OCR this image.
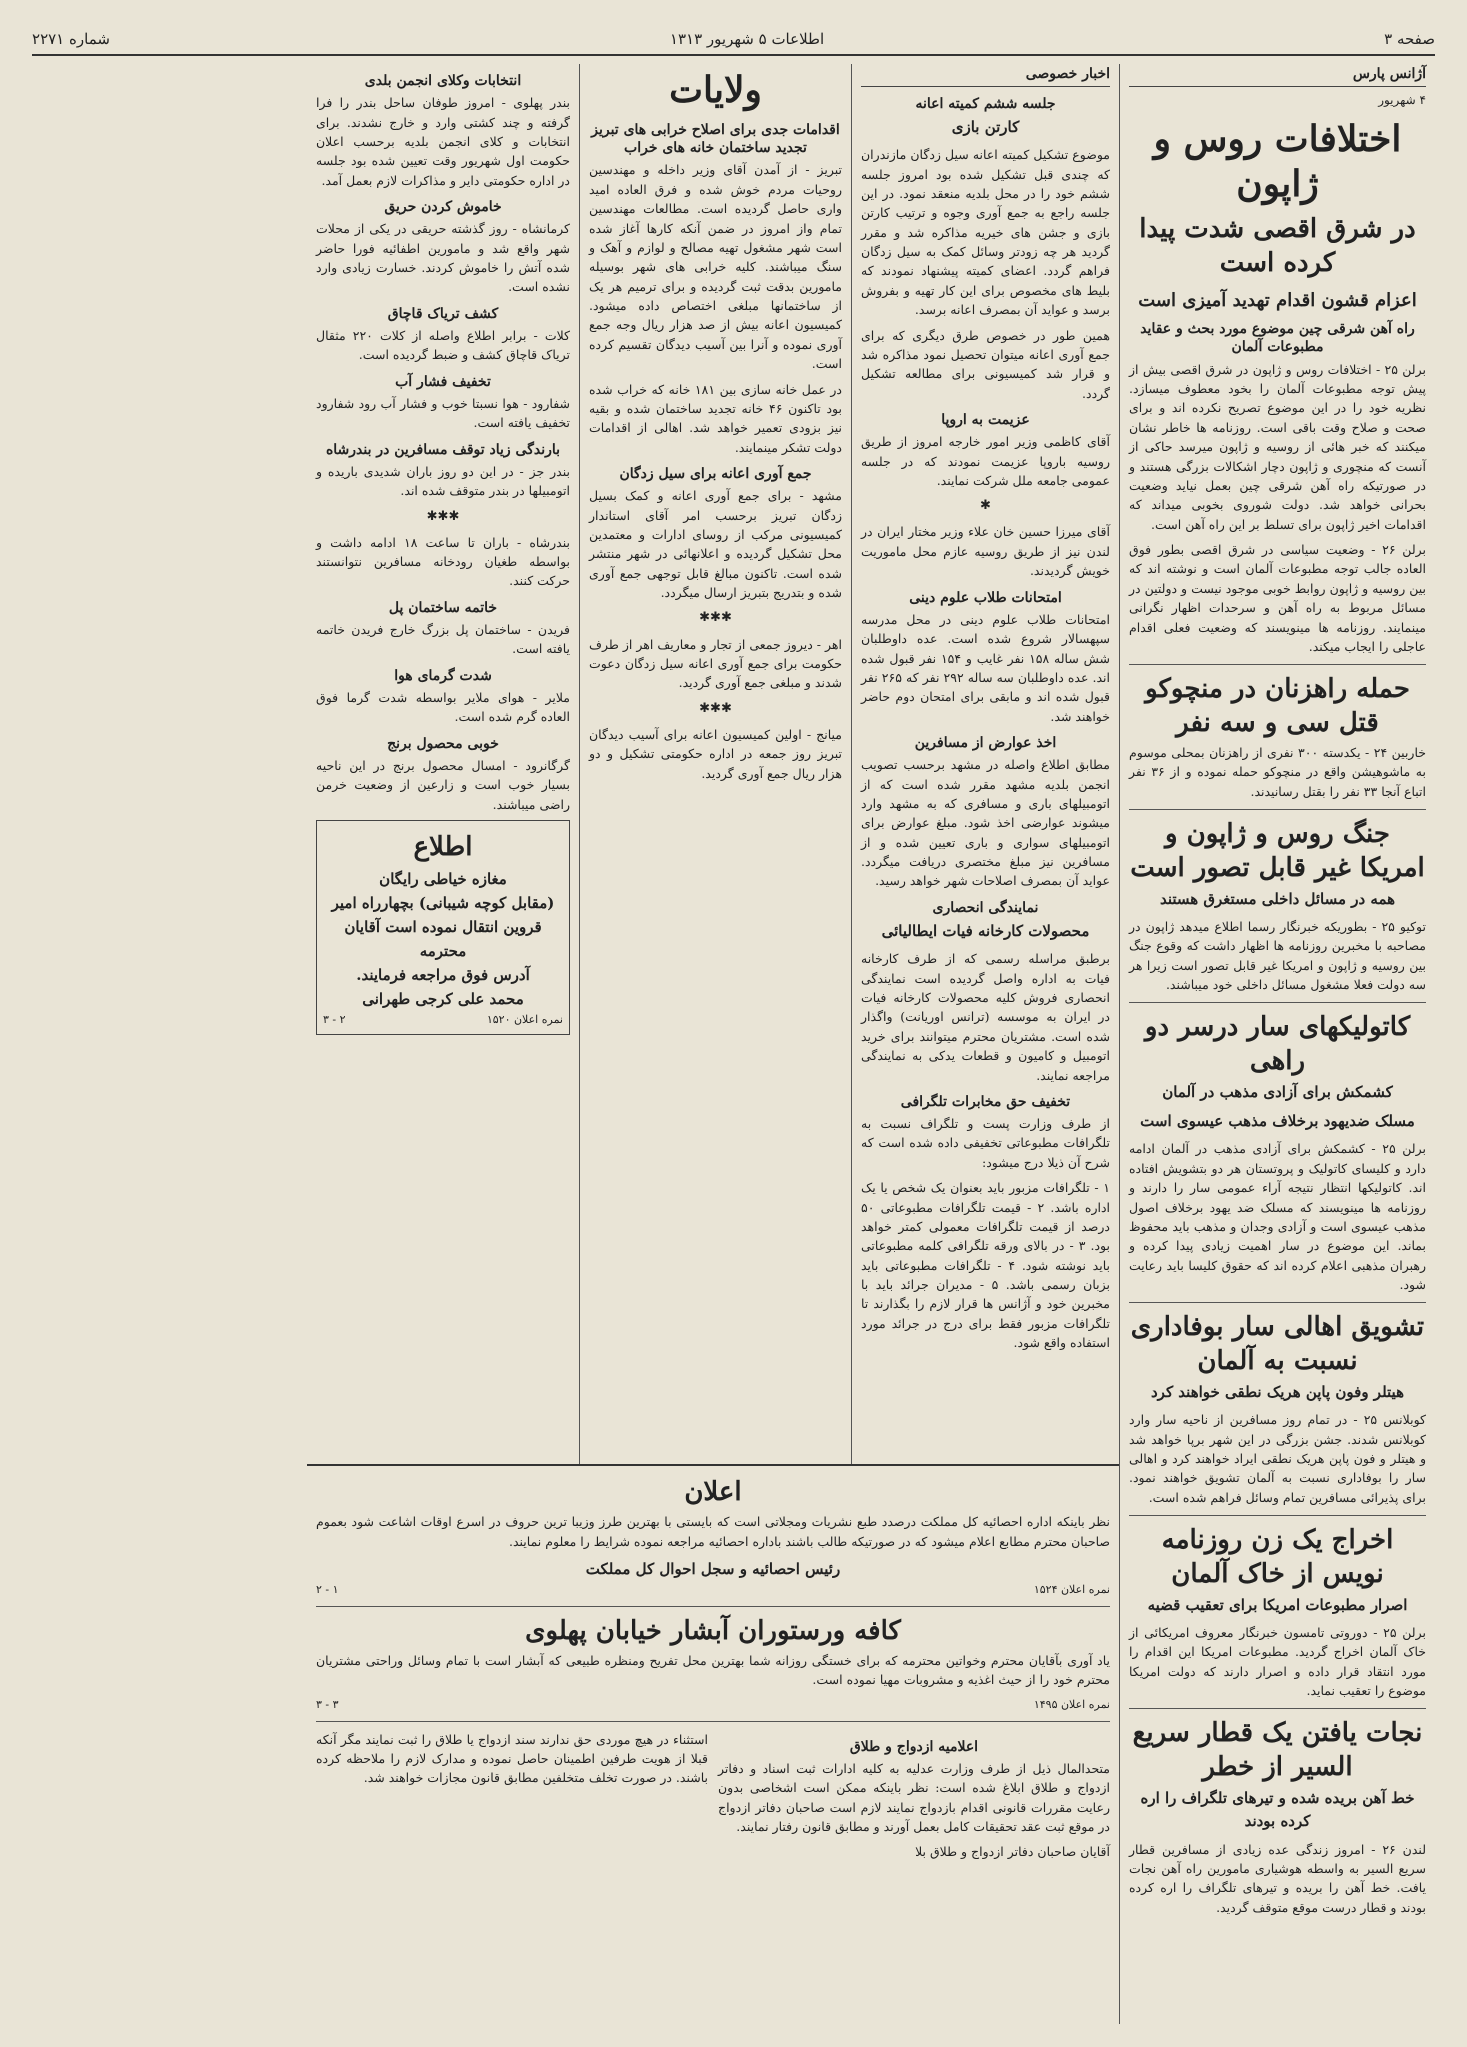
صفحه ۳
اطلاعات ۵ شهریور ۱۳۱۳
شماره ۲۲۷۱
آژانس پارس
۴ شهریور
اختلافات روس و ژاپون
در شرق اقصی شدت پیدا کرده است
اعزام قشون اقدام تهدید آمیزی است
راه آهن شرقی چین موضوع مورد بحث و عقاید مطبوعات آلمان

برلن ۲۵ - اختلافات روس و ژاپون در شرق اقصی بیش از پیش توجه مطبوعات آلمان را بخود معطوف میسازد. نظریه خود را در این موضوع تصریح نکرده اند و برای صحت و صلاح وقت باقی است. روزنامه ها خاطر نشان میکنند که خبر هائی از روسیه و ژاپون میرسد حاکی از آنست که منچوری و ژاپون دچار اشکالات بزرگی هستند و در صورتیکه راه آهن شرقی چین بعمل نیاید وضعیت بحرانی خواهد شد. دولت شوروی بخوبی میداند که اقدامات اخیر ژاپون برای تسلط بر این راه آهن است.

برلن ۲۶ - وضعیت سیاسی در شرق اقصی بطور فوق العاده جالب توجه مطبوعات آلمان است و نوشته اند که بین روسیه و ژاپون روابط خوبی موجود نیست و دولتین در مسائل مربوط به راه آهن و سرحدات اظهار نگرانی مینمایند. روزنامه ها مینویسند که وضعیت فعلی اقدام عاجلی را ایجاب میکند.

حمله راهزنان در منچوکو قتل سی و سه نفر

خاربین ۲۴ - یکدسته ۳۰۰ نفری از راهزنان بمحلی موسوم به ماشوهیشن واقع در منچوکو حمله نموده و از ۳۶ نفر اتباع آنجا ۳۳ نفر را بقتل رسانیدند.

جنگ روس و ژاپون و امریکا غیر قابل تصور است
همه در مسائل داخلی مستغرق هستند

توکیو ۲۵ - بطوریکه خبرنگار رسما اطلاع میدهد ژاپون در مصاحبه با مخبرین روزنامه ها اظهار داشت که وقوع جنگ بین روسیه و ژاپون و امریکا غیر قابل تصور است زیرا هر سه دولت فعلا مشغول مسائل داخلی خود میباشند.

کاتولیکهای سار درسر دو راهی
کشمکش برای آزادی مذهب در آلمان
مسلک ضدیهود برخلاف مذهب عیسوی است

برلن ۲۵ - کشمکش برای آزادی مذهب در آلمان ادامه دارد و کلیسای کاتولیک و پروتستان هر دو بتشویش افتاده اند. کاتولیکها انتظار نتیجه آراء عمومی سار را دارند و روزنامه ها مینویسند که مسلک ضد یهود برخلاف اصول مذهب عیسوی است و آزادی وجدان و مذهب باید محفوظ بماند. این موضوع در سار اهمیت زیادی پیدا کرده و رهبران مذهبی اعلام کرده اند که حقوق کلیسا باید رعایت شود.

تشویق اهالی سار بوفاداری نسبت به آلمان
هیتلر وفون پاپن هریک نطقی خواهند کرد

کوبلانس ۲۵ - در تمام روز مسافرین از ناحیه سار وارد کوبلانس شدند. جشن بزرگی در این شهر برپا خواهد شد و هیتلر و فون پاپن هریک نطقی ایراد خواهند کرد و اهالی سار را بوفاداری نسبت به آلمان تشویق خواهند نمود. برای پذیرائی مسافرین تمام وسائل فراهم شده است.

اخراج یک زن روزنامه نویس از خاک آلمان
اصرار مطبوعات امریکا برای تعقیب قضیه

برلن ۲۵ - دوروتی تامسون خبرنگار معروف امریکائی از خاک آلمان اخراج گردید. مطبوعات امریکا این اقدام را مورد انتقاد قرار داده و اصرار دارند که دولت امریکا موضوع را تعقیب نماید.

نجات یافتن یک قطار سریع السیر از خطر
خط آهن بریده شده و تیرهای تلگراف را اره کرده بودند

لندن ۲۶ - امروز زندگی عده زیادی از مسافرین قطار سریع السیر به واسطه هوشیاری مامورین راه آهن نجات یافت. خط آهن را بریده و تیرهای تلگراف را اره کرده بودند و قطار درست موقع متوقف گردید.

اخبار خصوصی
جلسه ششم کمیته اعانه
کارتن بازی

موضوع تشکیل کمیته اعانه سیل زدگان مازندران که چندی قبل تشکیل شده بود امروز جلسه ششم خود را در محل بلدیه منعقد نمود. در این جلسه راجع به جمع آوری وجوه و ترتیب کارتن بازی و جشن های خیریه مذاکره شد و مقرر گردید هر چه زودتر وسائل کمک به سیل زدگان فراهم گردد. اعضای کمیته پیشنهاد نمودند که بلیط های مخصوص برای این کار تهیه و بفروش برسد و عواید آن بمصرف اعانه برسد.

همین طور در خصوص طرق دیگری که برای جمع آوری اعانه میتوان تحصیل نمود مذاکره شد و قرار شد کمیسیونی برای مطالعه تشکیل گردد.

عزیمت به اروپا

آقای کاظمی وزیر امور خارجه امروز از طریق روسیه باروپا عزیمت نمودند که در جلسه عمومی جامعه ملل شرکت نمایند.

✱

آقای میرزا حسین خان علاء وزیر مختار ایران در لندن نیز از طریق روسیه عازم محل ماموریت خویش گردیدند.

امتحانات طلاب علوم دینی

امتحانات طلاب علوم دینی در محل مدرسه سپهسالار شروع شده است. عده داوطلبان شش ساله ۱۵۸ نفر غایب و ۱۵۴ نفر قبول شده اند. عده داوطلبان سه ساله ۲۹۲ نفر که ۲۶۵ نفر قبول شده اند و مابقی برای امتحان دوم حاضر خواهند شد.

اخذ عوارض از مسافرین

مطابق اطلاع واصله در مشهد برحسب تصویب انجمن بلدیه مشهد مقرر شده است که از اتومبیلهای باری و مسافری که به مشهد وارد میشوند عوارضی اخذ شود. مبلغ عوارض برای اتومبیلهای سواری و باری تعیین شده و از مسافرین نیز مبلغ مختصری دریافت میگردد. عواید آن بمصرف اصلاحات شهر خواهد رسید.

نمایندگی انحصاری
محصولات کارخانه فیات ایطالیائی

برطبق مراسله رسمی که از طرف کارخانه فیات به اداره واصل گردیده است نمایندگی انحصاری فروش کلیه محصولات کارخانه فیات در ایران به موسسه (ترانس اوریانت) واگذار شده است. مشتریان محترم میتوانند برای خرید اتومبیل و کامیون و قطعات یدکی به نمایندگی مراجعه نمایند.

تخفیف حق مخابرات تلگرافی

از طرف وزارت پست و تلگراف نسبت به تلگرافات مطبوعاتی تخفیفی داده شده است که شرح آن ذیلا درج میشود:

۱ - تلگرافات مزبور باید بعنوان یک شخص یا یک اداره باشد. ۲ - قیمت تلگرافات مطبوعاتی ۵۰ درصد از قیمت تلگرافات معمولی کمتر خواهد بود. ۳ - در بالای ورقه تلگرافی کلمه مطبوعاتی باید نوشته شود. ۴ - تلگرافات مطبوعاتی باید بزبان رسمی باشد. ۵ - مدیران جرائد باید با مخبرین خود و آژانس ها قرار لازم را بگذارند تا تلگرافات مزبور فقط برای درج در جرائد مورد استفاده واقع شود.

ولایات
اقدامات جدی برای اصلاح خرابی های تبریز تجدید ساختمان خانه های خراب

تبریز - از آمدن آقای وزیر داخله و مهندسین روحیات مردم خوش شده و فرق العاده امید واری حاصل گردیده است. مطالعات مهندسین تمام واز امروز در ضمن آنکه کارها آغاز شده است شهر مشغول تهیه مصالح و لوازم و آهک و سنگ میباشند. کلیه خرابی های شهر بوسیله مامورین بدقت ثبت گردیده و برای ترمیم هر یک از ساختمانها مبلغی اختصاص داده میشود. کمیسیون اعانه بیش از صد هزار ریال وجه جمع آوری نموده و آنرا بین آسیب دیدگان تقسیم کرده است.

در عمل خانه سازی بین ۱۸۱ خانه که خراب شده بود تاکنون ۴۶ خانه تجدید ساختمان شده و بقیه نیز بزودی تعمیر خواهد شد. اهالی از اقدامات دولت تشکر مینمایند.

جمع آوری اعانه برای سیل زدگان

مشهد - برای جمع آوری اعانه و کمک بسیل زدگان تبریز برحسب امر آقای استاندار کمیسیونی مرکب از روسای ادارات و معتمدین محل تشکیل گردیده و اعلانهائی در شهر منتشر شده است. تاکنون مبالغ قابل توجهی جمع آوری شده و بتدریج بتبریز ارسال میگردد.

✱✱✱

اهر - دیروز جمعی از تجار و معاریف اهر از طرف حکومت برای جمع آوری اعانه سیل زدگان دعوت شدند و مبلغی جمع آوری گردید.

✱✱✱

میانج - اولین کمیسیون اعانه برای آسیب دیدگان تبریز روز جمعه در اداره حکومتی تشکیل و دو هزار ریال جمع آوری گردید.

انتخابات وکلای انجمن بلدی

بندر پهلوی - امروز طوفان ساحل بندر را فرا گرفته و چند کشتی وارد و خارج نشدند. برای انتخابات و کلای انجمن بلدیه برحسب اعلان حکومت اول شهریور وقت تعیین شده بود جلسه در اداره حکومتی دایر و مذاکرات لازم بعمل آمد.

خاموش کردن حریق

کرمانشاه - روز گذشته حریقی در یکی از محلات شهر واقع شد و مامورین اطفائیه فورا حاضر شده آتش را خاموش کردند. خسارت زیادی وارد نشده است.

کشف تریاک قاچاق

کلات - برابر اطلاع واصله از کلات ۲۲۰ مثقال تریاک قاچاق کشف و ضبط گردیده است.

تخفیف فشار آب

شفارود - هوا نسبتا خوب و فشار آب رود شفارود تخفیف یافته است.

بارندگی زیاد توقف مسافرین در بندرشاه

بندر جز - در این دو روز باران شدیدی باریده و اتومبیلها در بندر متوقف شده اند.

✱✱✱

بندرشاه - باران تا ساعت ۱۸ ادامه داشت و بواسطه طغیان رودخانه مسافرین نتوانستند حرکت کنند.

خاتمه ساختمان پل

فریدن - ساختمان پل بزرگ خارج فریدن خاتمه یافته است.

شدت گرمای هوا

ملایر - هوای ملایر بواسطه شدت گرما فوق العاده گرم شده است.

خوبی محصول برنج

گرگانرود - امسال محصول برنج در این ناحیه بسیار خوب است و زارعین از وضعیت خرمن راضی میباشند.

اطلاع
مغازه خیاطی رایگان
(مقابل کوچه شیبانی) بچهارراه امیر
قروین انتقال نموده است آقایان محترمه
آدرس فوق مراجعه فرمایند.
محمد علی کرجی طهرانی
نمره اعلان ۱۵۲۰
۲ - ۳
اعلان

نظر باینکه اداره احصائیه کل مملکت درصدد طبع نشریات ومجلاتی است که بایستی با بهترین طرز وزیبا ترین حروف در اسرع اوقات اشاعت شود بعموم صاحبان محترم مطابع اعلام میشود که در صورتیکه طالب باشند باداره احصائیه مراجعه نموده شرایط را معلوم نمایند.

رئیس احصائیه و سجل احوال کل مملکت
نمره اعلان ۱۵۲۴
۱ - ۲
کافه ورستوران آبشار خیابان پهلوی

یاد آوری بآقایان محترم وخواتین محترمه که برای خستگی روزانه شما بهترین محل تفریح ومنظره طبیعی که آبشار است با تمام وسائل وراحتی مشتریان محترم خود را از حیث اغذیه و مشروبات مهیا نموده است.

نمره اعلان ۱۴۹۵
۳ - ۳
اعلامیه ازدواج و طلاق

متحدالمال ذیل از طرف وزارت عدلیه به کلیه ادارات ثبت اسناد و دفاتر ازدواج و طلاق ابلاغ شده است: نظر باینکه ممکن است اشخاصی بدون رعایت مقررات قانونی اقدام بازدواج نمایند لازم است صاحبان دفاتر ازدواج در موقع ثبت عقد تحقیقات کامل بعمل آورند و مطابق قانون رفتار نمایند.

آقایان صاحبان دفاتر ازدواج و طلاق بلا

استثناء در هیچ موردی حق ندارند سند ازدواج یا طلاق را ثبت نمایند مگر آنکه قبلا از هویت طرفین اطمینان حاصل نموده و مدارک لازم را ملاحظه کرده باشند. در صورت تخلف متخلفین مطابق قانون مجازات خواهند شد.
